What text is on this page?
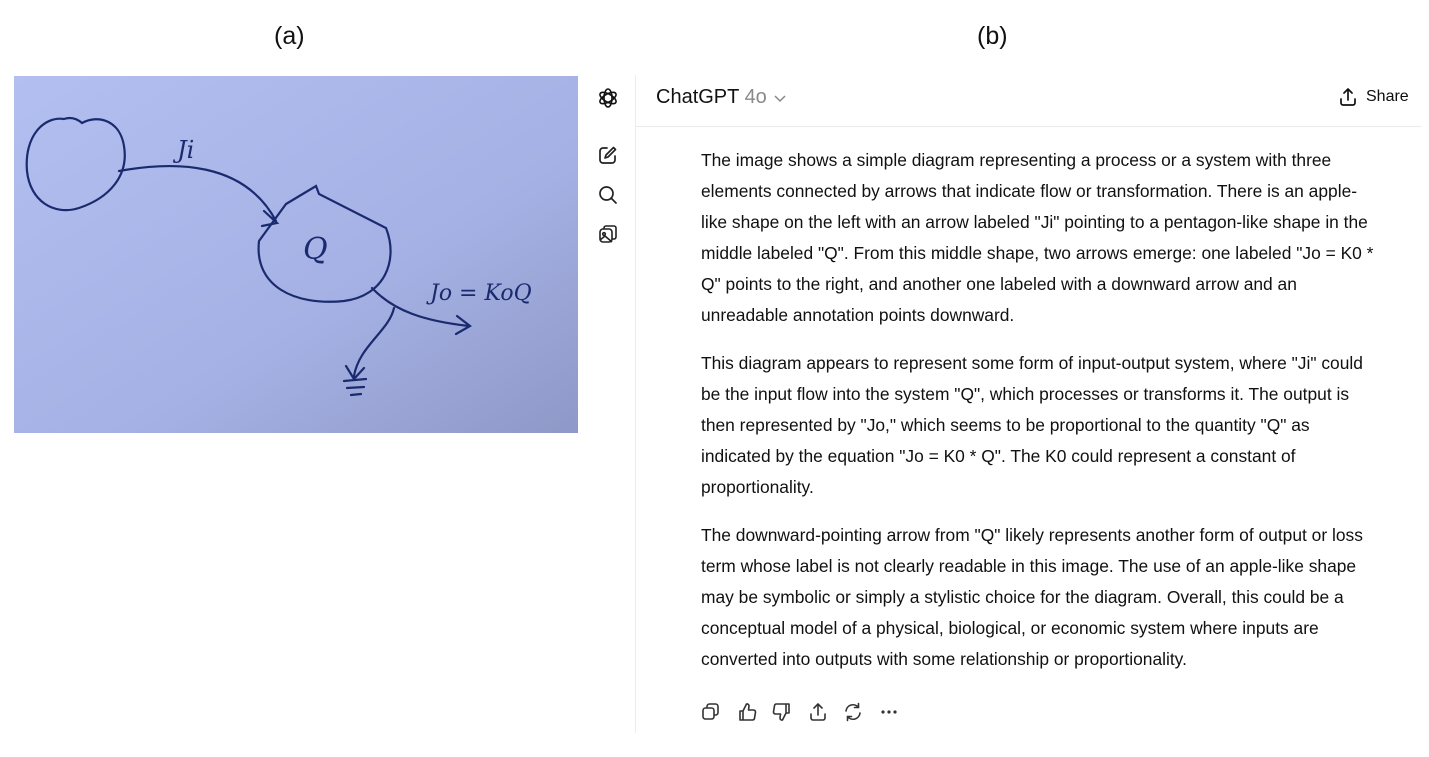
(a)	(b)
Ji
Q
Jo = KoQ
ChatGPT 4o	Share

The image shows a simple diagram representing a process or a system with three
elements connected by arrows that indicate flow or transformation. There is an apple-
like shape on the left with an arrow labeled "Ji" pointing to a pentagon-like shape in the
middle labeled "Q". From this middle shape, two arrows emerge: one labeled "Jo = K0 *
Q" points to the right, and another one labeled with a downward arrow and an
unreadable annotation points downward.

This diagram appears to represent some form of input-output system, where "Ji" could
be the input flow into the system "Q", which processes or transforms it. The output is
then represented by "Jo," which seems to be proportional to the quantity "Q" as
indicated by the equation "Jo = K0 * Q". The K0 could represent a constant of
proportionality.

The downward-pointing arrow from "Q" likely represents another form of output or loss
term whose label is not clearly readable in this image. The use of an apple-like shape
may be symbolic or simply a stylistic choice for the diagram. Overall, this could be a
conceptual model of a physical, biological, or economic system where inputs are
converted into outputs with some relationship or proportionality.
